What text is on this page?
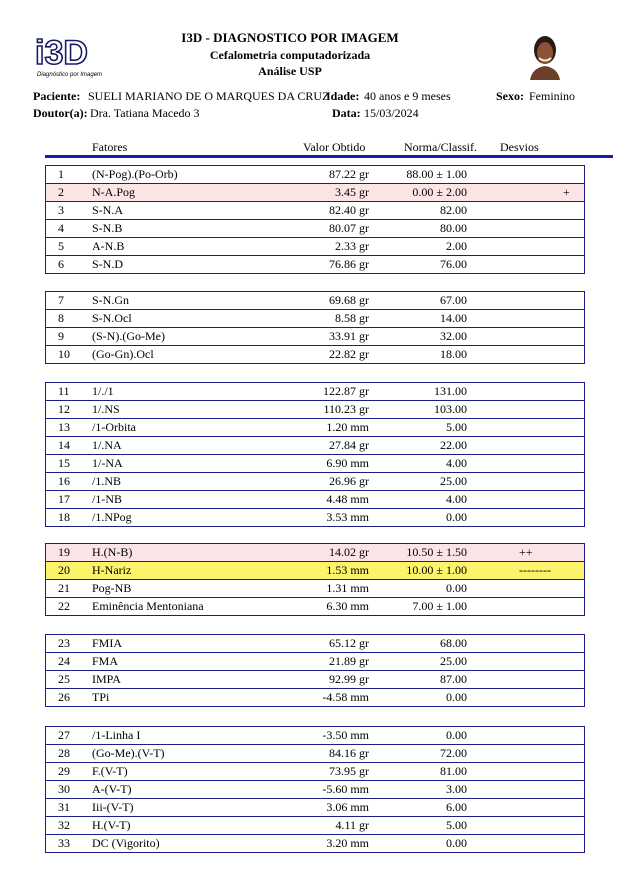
i3D
Diagnóstico por Imagem
I3D - DIAGNOSTICO POR IMAGEM
Cefalometria computadorizada
Análise USP
Paciente: SUELI MARIANO DE O MARQUES DA CRUZ
Idade: 40 anos e 9 meses	Sexo: Feminino
Doutor(a): Dra. Tatiana Macedo 3	Data: 15/03/2024
Fatores	Valor Obtido	Norma/Classif. Desvios
1 (N-Pog).(Po-Orb)	87.22 gr	88.00 ± 1.00
2 N-A.Pog	3.45 gr	0.00 ± 2.00	+
3 S-N.A	82.40 gr	82.00
4 S-N.B	80.07 gr	80.00
5 A-N.B	2.33 gr	2.00
6 S-N.D	76.86 gr	76.00
7 S-N.Gn	69.68 gr	67.00
8 S-N.Ocl	8.58 gr	14.00
9 (S-N).(Go-Me)	33.91 gr	32.00
10 (Go-Gn).Ocl	22.82 gr	18.00
11 1/./1	122.87 gr	131.00
12 1/.NS	110.23 gr	103.00
13 /1-Orbita	1.20 mm	5.00
14 1/.NA	27.84 gr	22.00
15 1/-NA	6.90 mm	4.00
16 /1.NB	26.96 gr	25.00
17 /1-NB	4.48 mm	4.00
18 /1.NPog	3.53 mm	0.00
19 H.(N-B)	14.02 gr	10.50 ± 1.50	++
20 H-Nariz	1.53 mm	10.00 ± 1.00	--------
21 Pog-NB	1.31 mm	0.00
22 Eminência Mentoniana	6.30 mm	7.00 ± 1.00
23 FMIA	65.12 gr	68.00
24 FMA	21.89 gr	25.00
25 IMPA	92.99 gr	87.00
26 TPi	-4.58 mm	0.00
27 /1-Linha I	-3.50 mm	0.00
28 (Go-Me).(V-T)	84.16 gr	72.00
29 F.(V-T)	73.95 gr	81.00
30 A-(V-T)	-5.60 mm	3.00
31 Iii-(V-T)	3.06 mm	6.00
32 H.(V-T)	4.11 gr	5.00
33 DC (Vigorito)	3.20 mm	0.00
